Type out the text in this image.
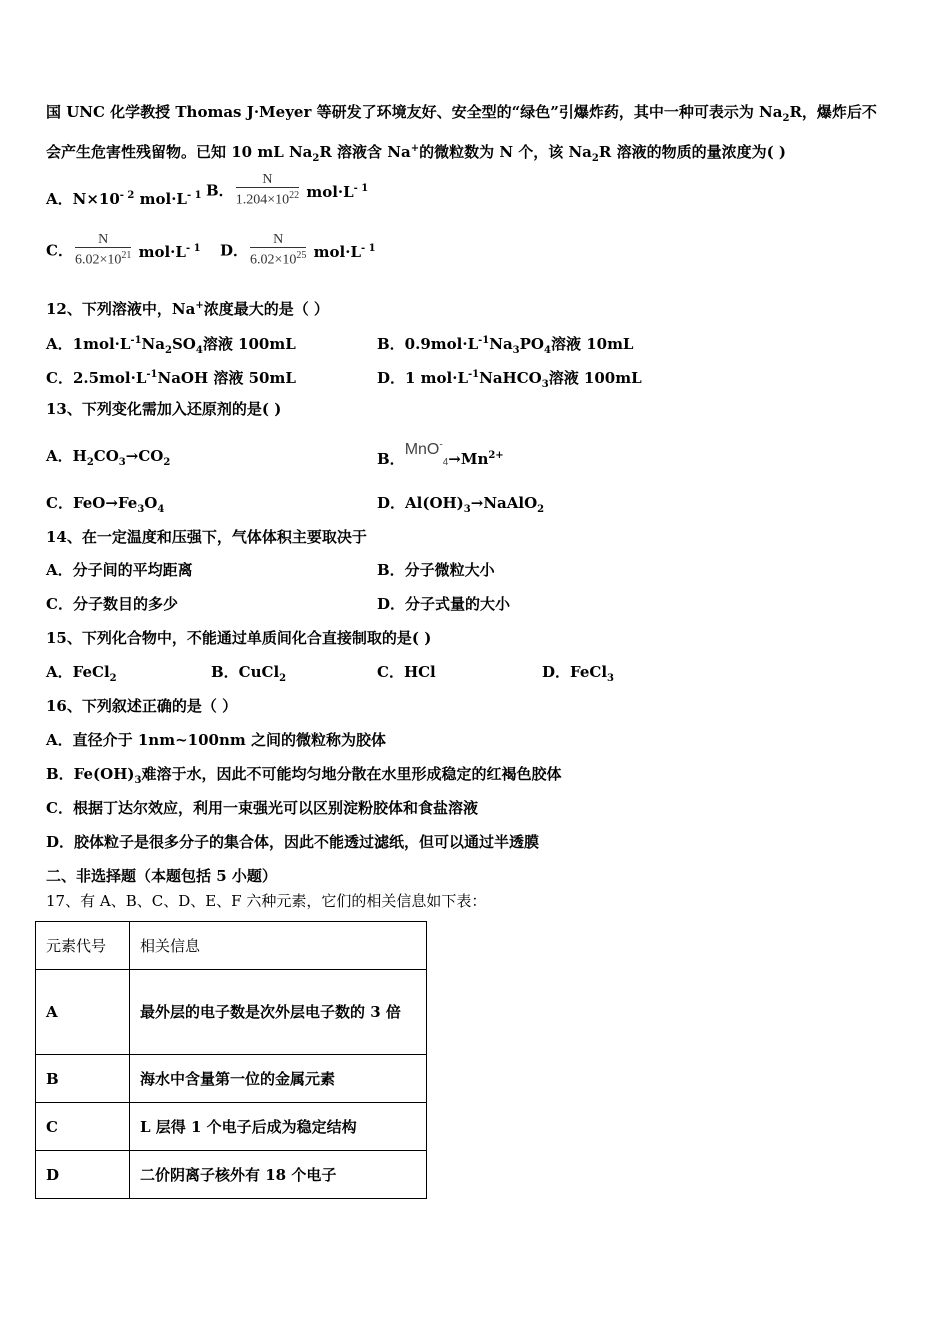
国 UNC 化学教授 Thomas J·Meyer 等研发了环境友好、安全型的“绿色”引爆炸药，其中一种可表示为 $Na_2R$，爆炸后不
会产生危害性残留物。已知 10 mL $Na_2R$ 溶液含 Na+的微粒数为 N 个，该 $Na_2R$ 溶液的物质的量浓度为( )
A．$N\times 10^{- 2}$ $mol\cdot L^{- 1}$ B． $\frac{N}{1.204\times 10^{22}} mol\cdot L^{- 1}$
C． $\frac{N}{6.02\times 10^{21}} mol\cdot L^{- 1}$ D． $\frac{N}{6.02\times 10^{25}} mol\cdot L^{- 1}$
12、下列溶液中，Na+浓度最大的是（ ）
A．$1mol\cdot L^{-1}Na_2SO_4$溶液 100mL	B．$0.9mol\cdot L^{-1}Na_3PO_4$溶液 10mL
C．$2.5mol\cdot L^{-1}NaOH$ 溶液 50mL	D．1 $mol\cdot L^{-1}NaHCO_3$溶液 100mL
13、下列变化需加入还原剂的是( )
A．$H_2CO_3\to CO_2$	B．$MnO^-_4\to Mn^{2+}$
C．$FeO\to Fe_3O_4$	D．$Al(OH)_3\to NaAlO_2$
14、在一定温度和压强下，气体体积主要取决于
A．分子间的平均距离	B．分子微粒大小
C．分子数目的多少	D．分子式量的大小
15、下列化合物中，不能通过单质间化合直接制取的是( )
A．FeCl$_2$	B．CuCl$_2$	C．HCl	D．FeCl$_3$
16、下列叙述正确的是（ ）
A．直径介于 1nm~100nm 之间的微粒称为胶体
B．$Fe(OH)_3$难溶于水，因此不可能均匀地分散在水里形成稳定的红褐色胶体
C．根据丁达尔效应，利用一束强光可以区别淀粉胶体和食盐溶液
D．胶体粒子是很多分子的集合体，因此不能透过滤纸，但可以通过半透膜
二、非选择题（本题包括 5 小题）
17、有 A、B、C、D、E、F 六种元素，它们的相关信息如下表：
元素代号	相关信息
A	最外层的电子数是次外层电子数的 3 倍
B	海水中含量第一位的金属元素
C	L 层得 1 个电子后成为稳定结构
D	二价阴离子核外有 18 个电子
